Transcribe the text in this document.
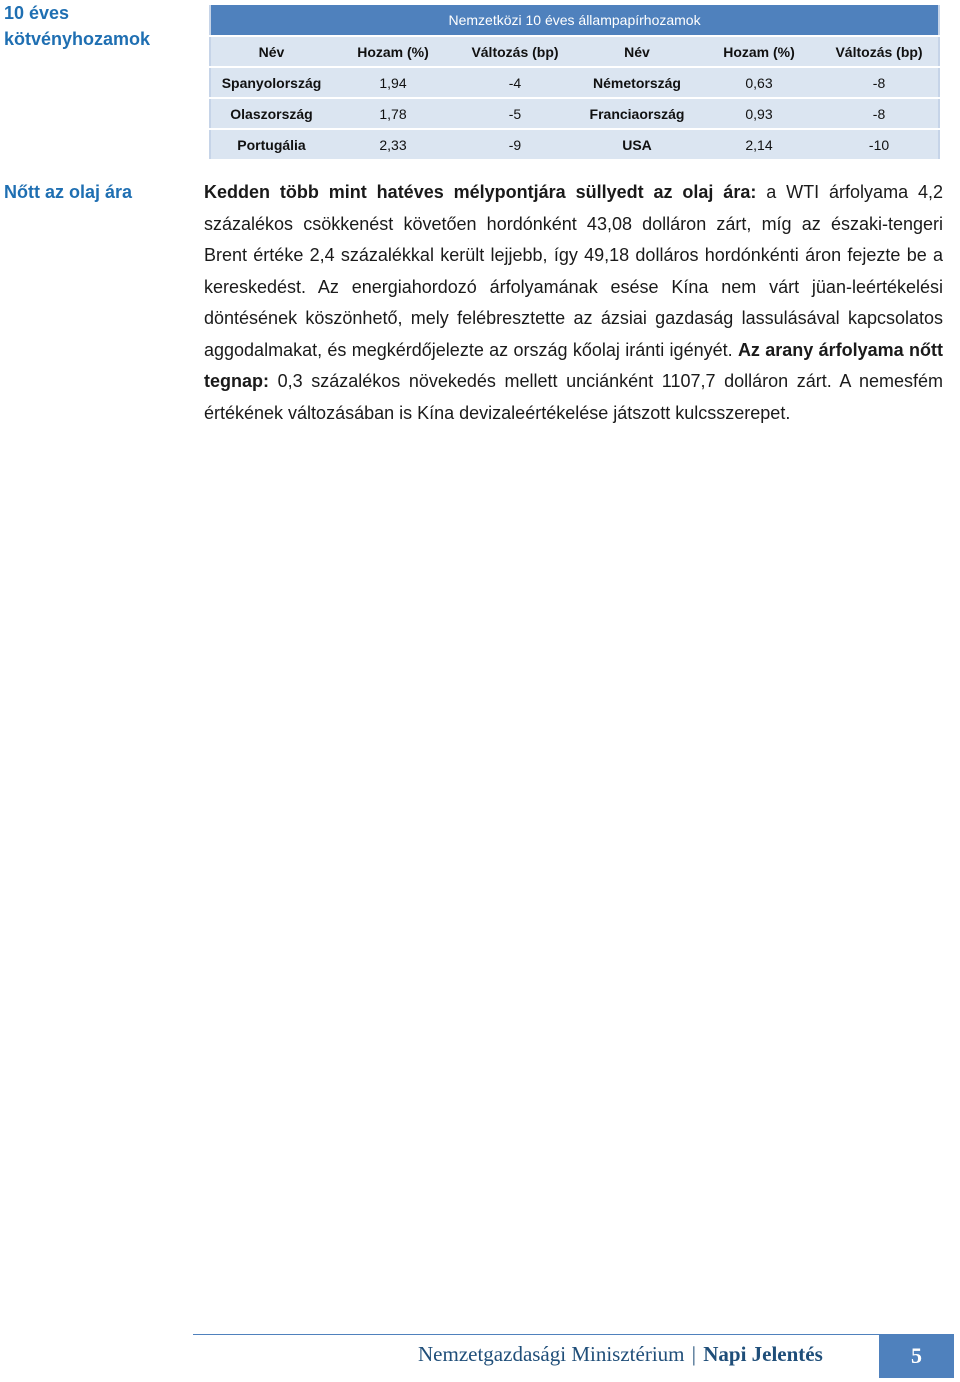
10 éves kötvényhozamok
Nemzetközi 10 éves állampapírhozamok					
Név	Hozam (%)	Változás (bp)	Név	Hozam (%)	Változás (bp)
Spanyolország	1,94	-4	Németország	0,63	-8
Olaszország	1,78	-5	Franciaország	0,93	-8
Portugália	2,33	-9	USA	2,14	-10
Nőtt az olaj ára	Kedden több mint hatéves mélypontjára süllyedt az olaj ára: a WTI árfolyama 4,2 százalékos csökkenést követően hordónként 43,08 dolláron zárt, míg az északi-tengeri Brent értéke 2,4 százalékkal került lejjebb, így 49,18 dolláros hordónkénti áron fejezte be a kereskedést. Az energiahordozó árfolyamának esése Kína nem várt jüan-leértékelési döntésének köszönhető, mely felébresztette az ázsiai gazdaság lassulásával kapcsolatos aggodalmakat, és megkérdőjelezte az ország kőolaj iránti igényét. Az arany árfolyama nőtt tegnap: 0,3 százalékos növekedés mellett unciánként 1107,7 dolláron zárt. A nemesfém értékének változásában is Kína devizaleértékelése játszott kulcsszerepet.

Nemzetgazdasági Minisztérium | Napi Jelentés	5
